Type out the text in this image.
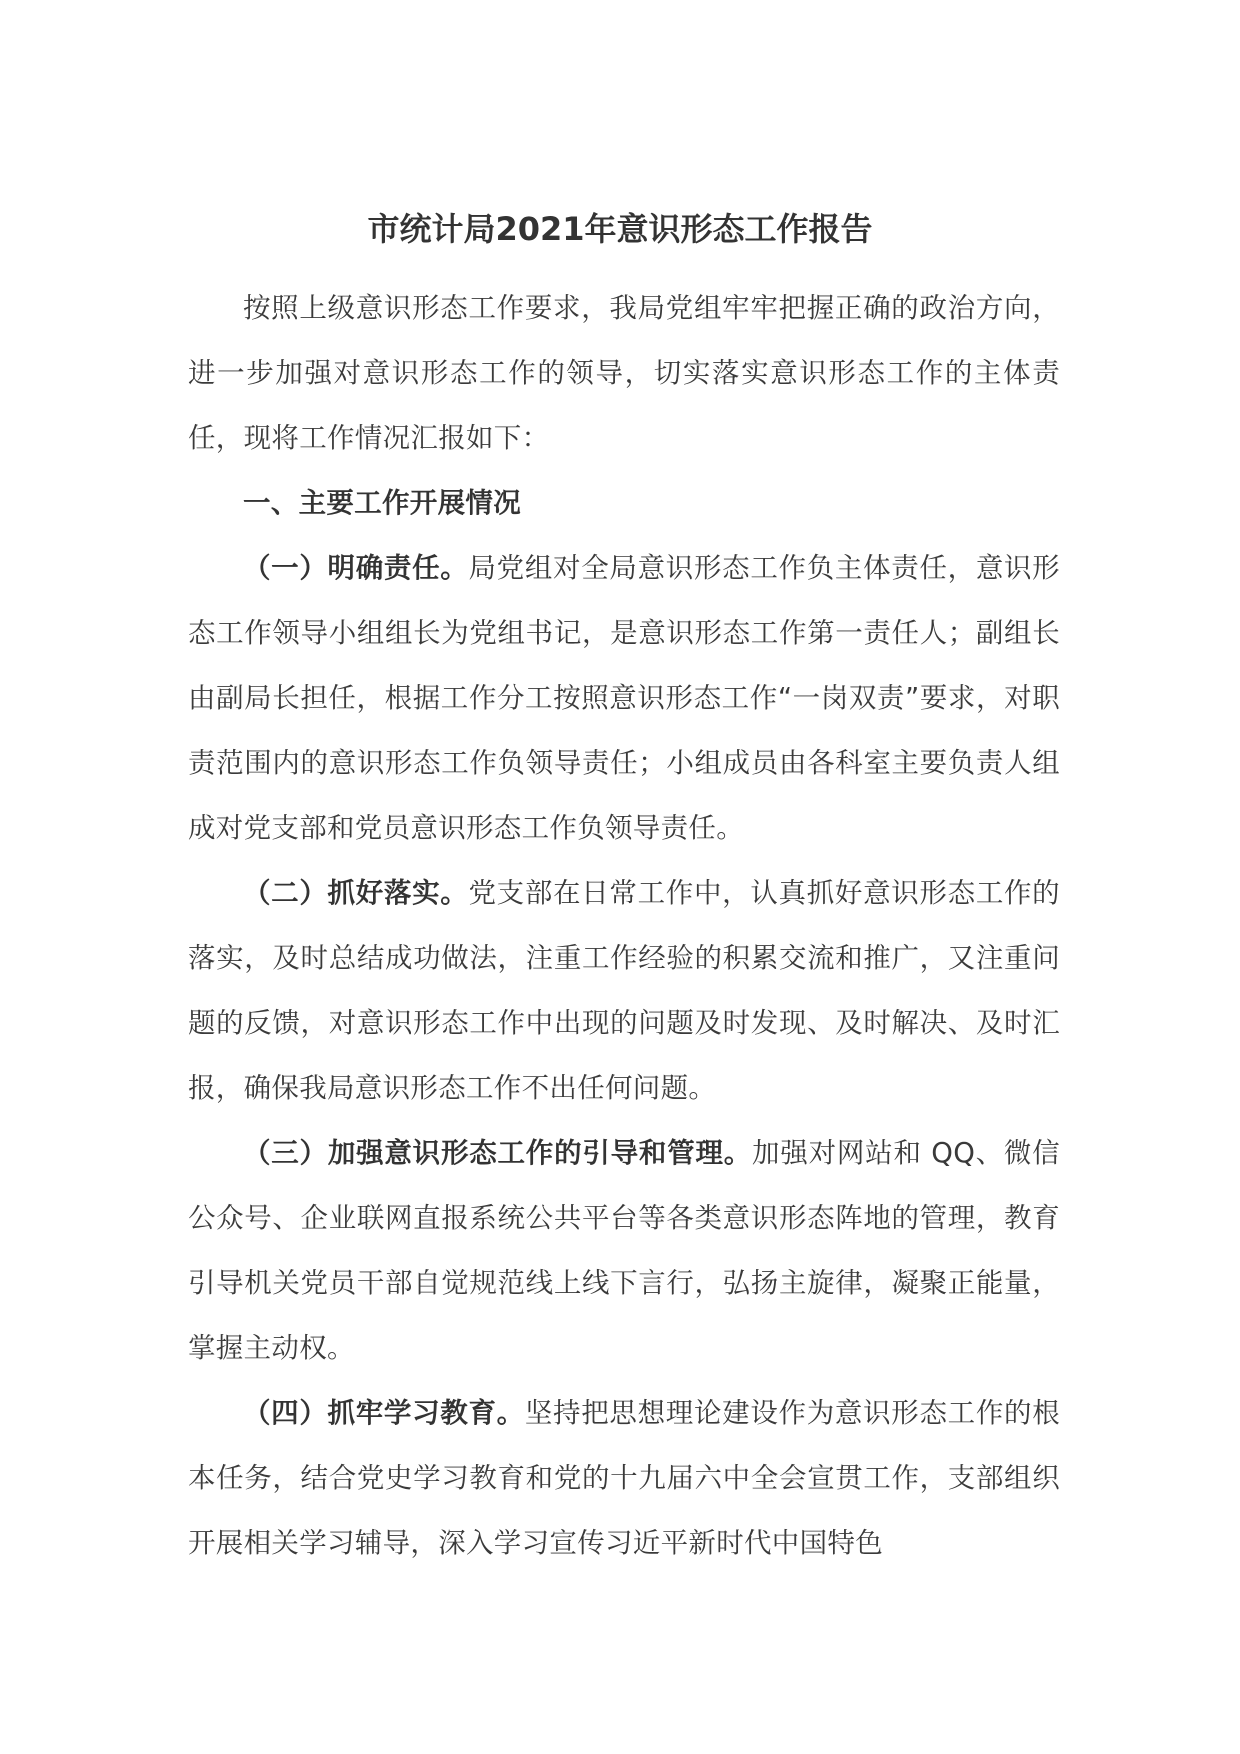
市统计局2021年意识形态工作报告

按照上级意识形态工作要求，我局党组牢牢把握正确的政治方向，进一步加强对意识形态工作的领导，切实落实意识形态工作的主体责任，现将工作情况汇报如下：

一、主要工作开展情况

（一）明确责任。局党组对全局意识形态工作负主体责任，意识形态工作领导小组组长为党组书记，是意识形态工作第一责任人；副组长由副局长担任，根据工作分工按照意识形态工作“一岗双责”要求，对职责范围内的意识形态工作负领导责任；小组成员由各科室主要负责人组成对党支部和党员意识形态工作负领导责任。

（二）抓好落实。党支部在日常工作中，认真抓好意识形态工作的落实，及时总结成功做法，注重工作经验的积累交流和推广，又注重问题的反馈，对意识形态工作中出现的问题及时发现、及时解决、及时汇报，确保我局意识形态工作不出任何问题。

（三）加强意识形态工作的引导和管理。加强对网站和 QQ、微信公众号、企业联网直报系统公共平台等各类意识形态阵地的管理，教育引导机关党员干部自觉规范线上线下言行，弘扬主旋律，凝聚正能量，掌握主动权。

（四）抓牢学习教育。坚持把思想理论建设作为意识形态工作的根本任务，结合党史学习教育和党的十九届六中全会宣贯工作，支部组织开展相关学习辅导，深入学习宣传习近平新时代中国特色
